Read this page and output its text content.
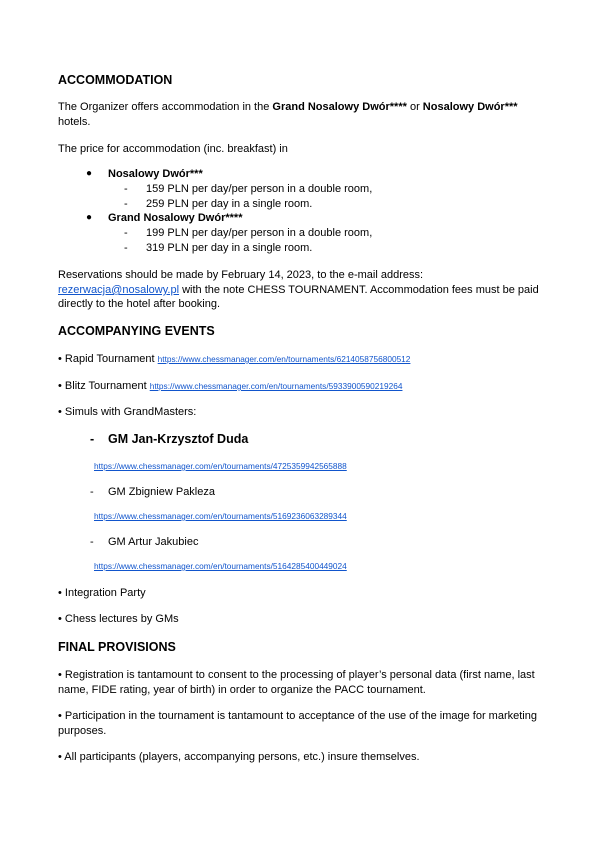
ACCOMMODATION

The Organizer offers accommodation in the Grand Nosalowy Dwór**** or Nosalowy Dwór***

hotels.

The price for accommodation (inc. breakfast) in

● Nosalowy Dwór***
- 159 PLN per day/per person in a double room,
- 259 PLN per day in a single room.
● Grand Nosalowy Dwór****
- 199 PLN per day/per person in a double room,
- 319 PLN per day in a single room.

Reservations should be made by February 14, 2023, to the e-mail address:

rezerwacja@nosalowy.pl with the note CHESS TOURNAMENT. Accommodation fees must be paid

directly to the hotel after booking.

ACCOMPANYING EVENTS

• Rapid Tournament https://www.chessmanager.com/en/tournaments/6214058756800512

• Blitz Tournament https://www.chessmanager.com/en/tournaments/5933900590219264

• Simuls with GrandMasters:

- GM Jan-Krzysztof Duda
https://www.chessmanager.com/en/tournaments/4725359942565888
- GM Zbigniew Pakleza
https://www.chessmanager.com/en/tournaments/5169236063289344
- GM Artur Jakubiec
https://www.chessmanager.com/en/tournaments/5164285400449024

• Integration Party

• Chess lectures by GMs

FINAL PROVISIONS

• Registration is tantamount to consent to the processing of player’s personal data (first name, last

name, FIDE rating, year of birth) in order to organize the PACC tournament.

• Participation in the tournament is tantamount to acceptance of the use of the image for marketing

purposes.

• All participants (players, accompanying persons, etc.) insure themselves.
